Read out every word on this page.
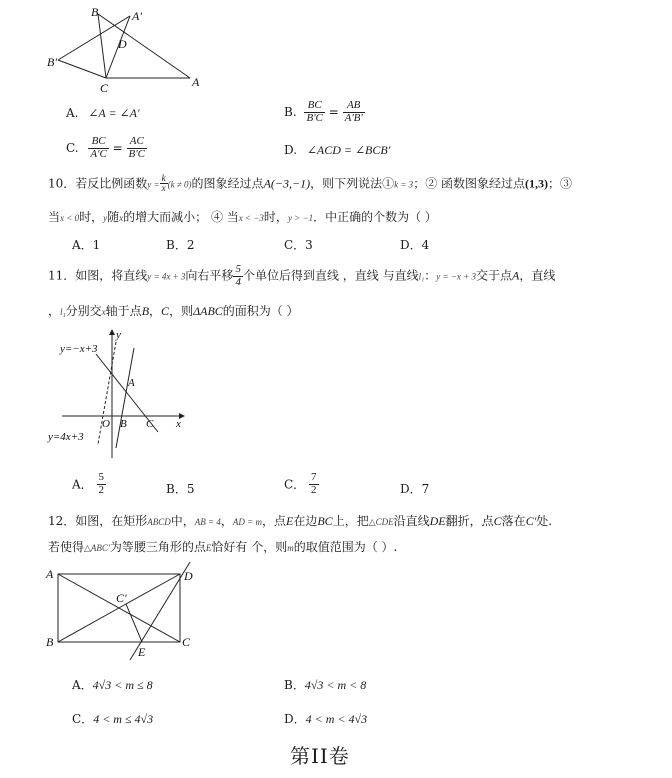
B	A'
D
B'
C	A
A. ∠A = ∠A'	B. $\frac{BC}{B'C} = \frac{AB}{A'B'}$
C. $\frac{BC}{A'C} = \frac{AC}{B'C}$	D. ∠ACD = ∠BCB'
10．若反比例函数$y = \frac{k}{x} (k \ne 0)$的图象经过点A(−3,−1)，则下列说法①k = 3；② 函数图象经过点(1,3)；③
当x < 0时，y随x的增大而减小； ④ 当x < −3时，y > −1．中正确的个数为（ ）
A．1	B．2	C．3	D．4
11．如图，将直线y = 4x + 3向右平移 $\frac{5}{4}$ 个单位后得到直线 ，直线 与直线l₁：y = −x + 3交于点A，直线
，l₁分别交x轴于点B，C，则ΔABC的面积为（ ）
y
y=−x+3
A
O B C x
y=4x+3
A． $\frac{5}{2}$	B．5	C． $\frac{7}{2}$	D．7
12．如图，在矩形ABCD中，AB = 4，AD = m，点E在边BC上，把△CDE沿直线DE翻折，点C落在C'处.
若使得△ABC'为等腰三角形的点E恰好有 个，则m的取值范围为（ ）.
A	D
C'
B	C
E
A．4√3 < m ≤ 8	B．4√3 < m < 8
C．4 < m ≤ 4√3	D．4 < m < 4√3
第II卷
